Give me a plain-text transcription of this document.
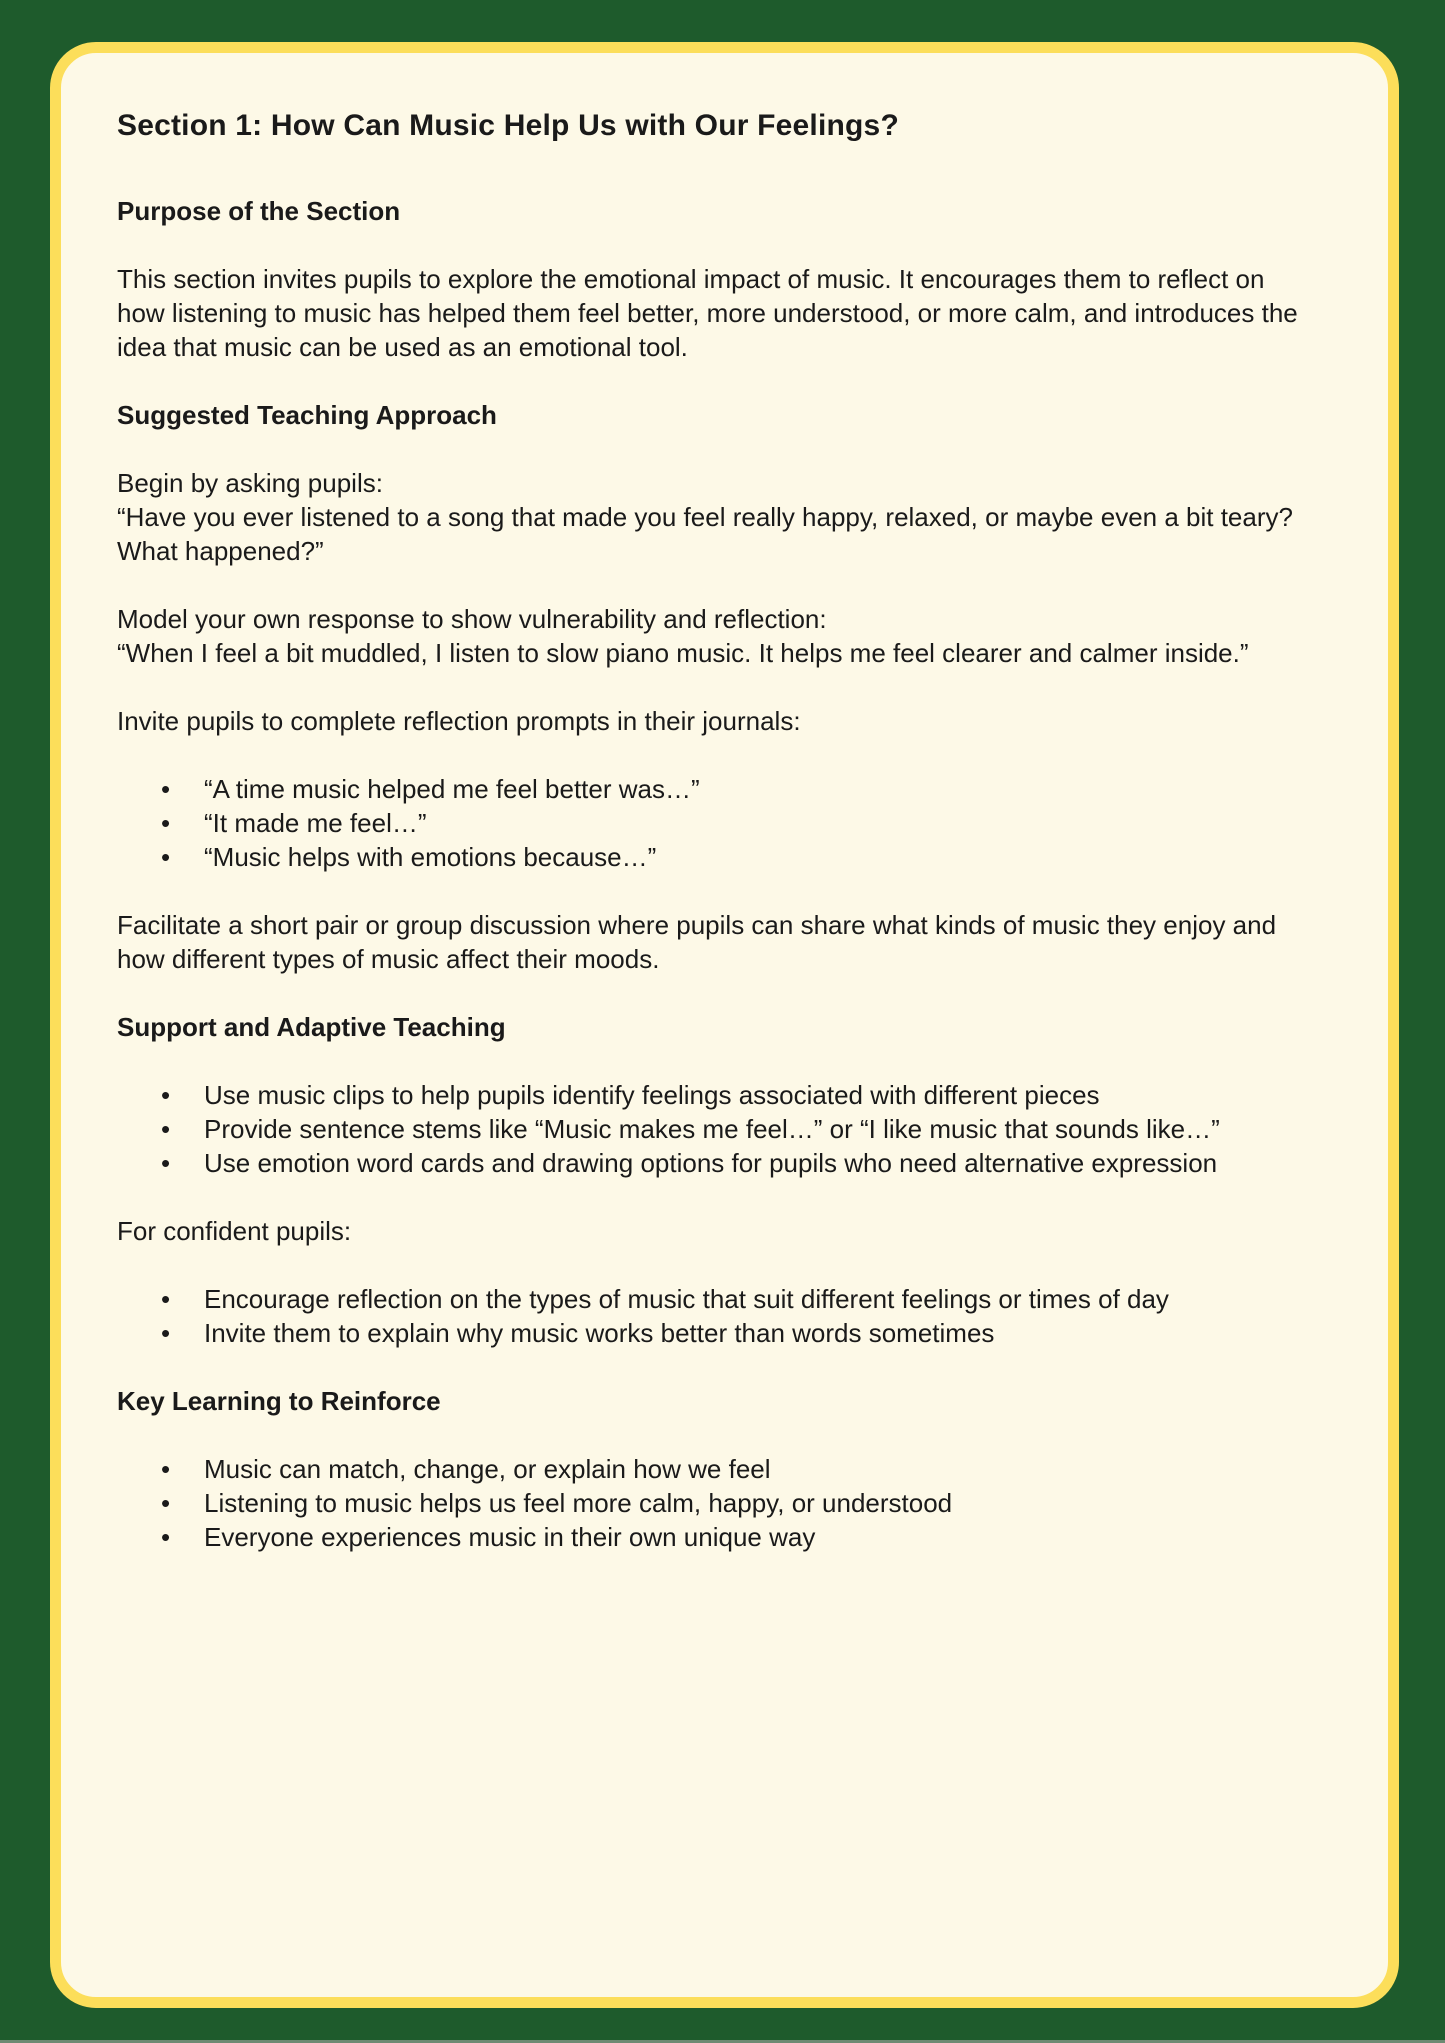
Section 1: How Can Music Help Us with Our Feelings?
Purpose of the Section

This section invites pupils to explore the emotional impact of music. It encourages them to reflect on how listening to music has helped them feel better, more understood, or more calm, and introduces the idea that music can be used as an emotional tool.

Suggested Teaching Approach

Begin by asking pupils:

“Have you ever listened to a song that made you feel really happy, relaxed, or maybe even a bit teary? What happened?”

Model your own response to show vulnerability and reflection:

“When I feel a bit muddled, I listen to slow piano music. It helps me feel clearer and calmer inside.”

Invite pupils to complete reflection prompts in their journals:

• “A time music helped me feel better was…”
• “It made me feel…”
• “Music helps with emotions because…”

Facilitate a short pair or group discussion where pupils can share what kinds of music they enjoy and how different types of music affect their moods.

Support and Adaptive Teaching
• Use music clips to help pupils identify feelings associated with different pieces
• Provide sentence stems like “Music makes me feel…” or “I like music that sounds like…”
• Use emotion word cards and drawing options for pupils who need alternative expression

For confident pupils:

• Encourage reflection on the types of music that suit different feelings or times of day
• Invite them to explain why music works better than words sometimes
Key Learning to Reinforce
• Music can match, change, or explain how we feel
• Listening to music helps us feel more calm, happy, or understood
• Everyone experiences music in their own unique way
